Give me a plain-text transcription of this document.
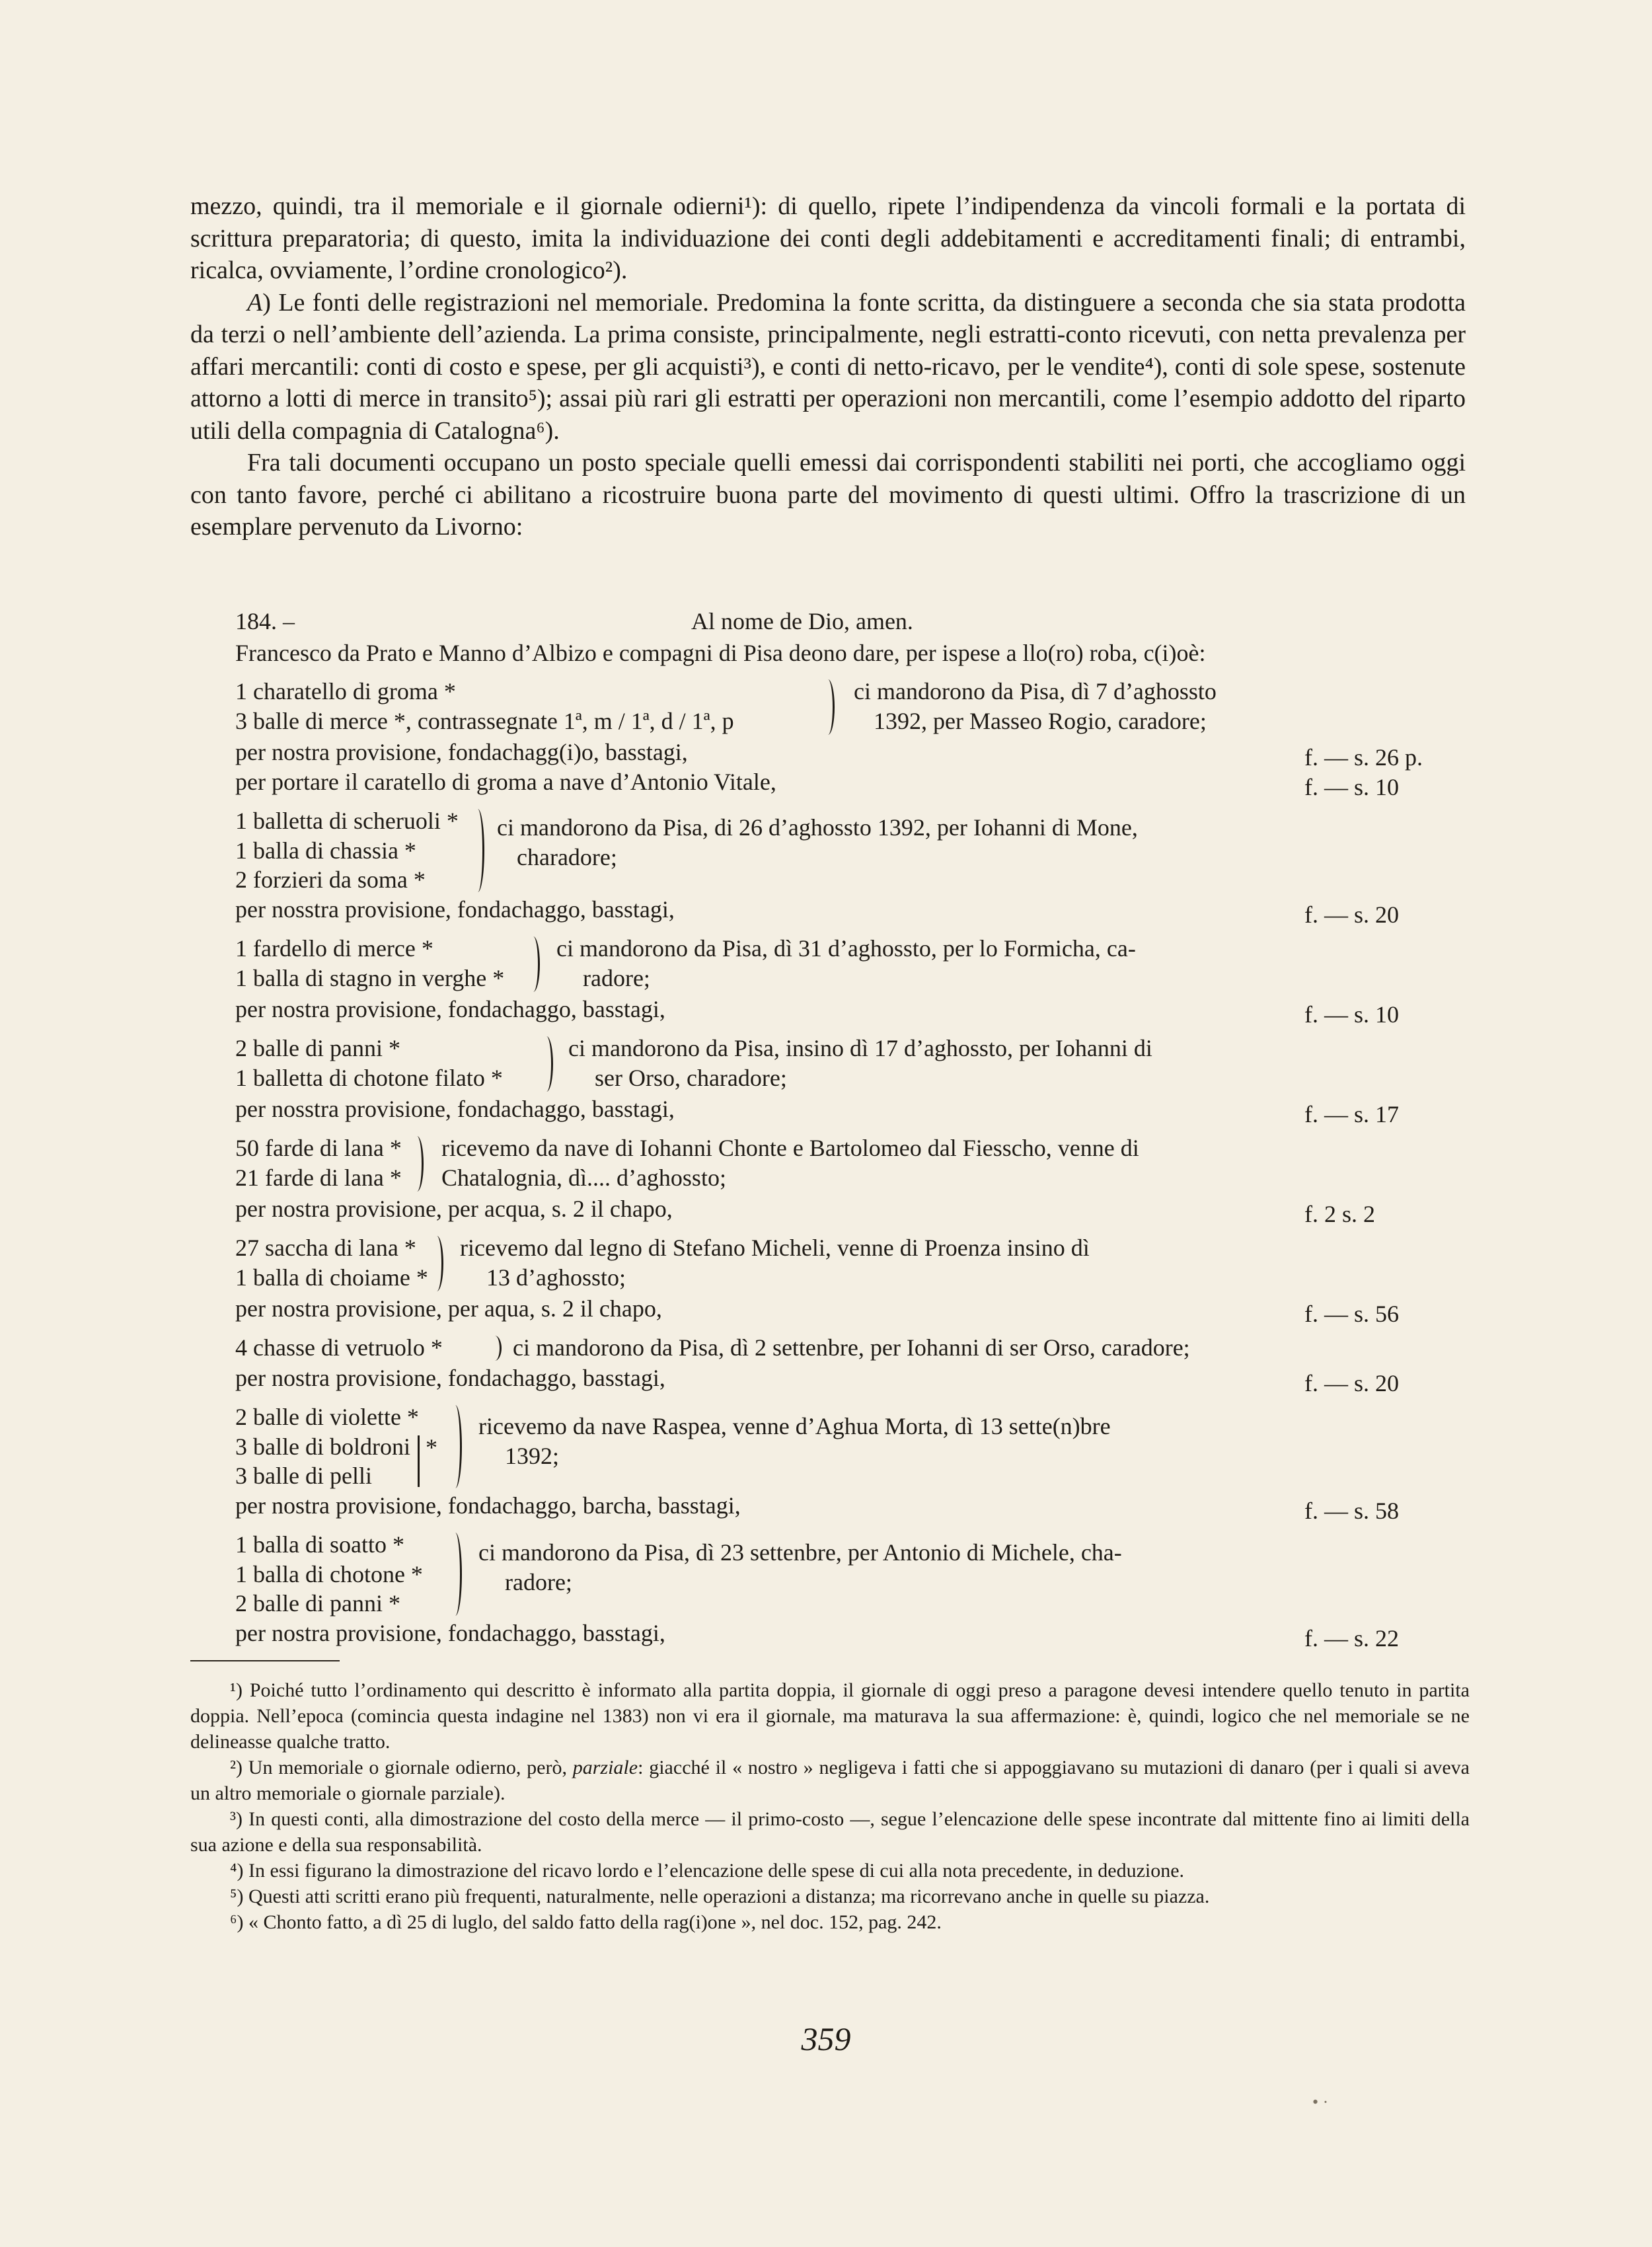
mezzo, quindi, tra il memoriale e il giornale odierni¹): di quello, ripete l’indipendenza da vincoli formali e la portata di scrittura preparatoria; di questo, imita la individuazione dei conti degli addebitamenti e accreditamenti finali; di entrambi, ricalca, ovviamente, l’ordine cronologico²).

A) Le fonti delle registrazioni nel memoriale. Predomina la fonte scritta, da distinguere a seconda che sia stata prodotta da terzi o nell’ambiente dell’azienda. La prima consiste, principalmente, negli estratti-conto ricevuti, con netta prevalenza per affari mercantili: conti di costo e spese, per gli acquisti³), e conti di netto-ricavo, per le vendite⁴), conti di sole spese, sostenute attorno a lotti di merce in transito⁵); assai più rari gli estratti per operazioni non mercantili, come l’esempio addotto del riparto utili della compagnia di Catalogna⁶).

Fra tali documenti occupano un posto speciale quelli emessi dai corrispondenti stabiliti nei porti, che accogliamo oggi con tanto favore, perché ci abilitano a ricostruire buona parte del movimento di questi ultimi. Offro la trascrizione di un esemplare pervenuto da Livorno:

184. –	Al nome de Dio, amen.
Francesco da Prato e Manno d’Albizo e compagni di Pisa deono dare, per ispese a llo(ro) roba, c(i)oè:
1 charatello di groma *
3 balle di merce *, contrassegnate 1ª, m / 1ª, d / 1ª, p
ci mandorono da Pisa, dì 7 d’aghossto
1392, per Masseo Rogio, caradore;
per nostra provisione, fondachagg(i)o, basstagi,	f. — s. 26 p.
per portare il caratello di groma a nave d’Antonio Vitale,	f. — s. 10
1 balletta di scheruoli *
1 balla di chassia *
2 forzieri da soma *
ci mandorono da Pisa, di 26 d’aghossto 1392, per Iohanni di Mone,
charadore;
per nosstra provisione, fondachaggo, basstagi,	f. — s. 20
1 fardello di merce *
1 balla di stagno in verghe *
ci mandorono da Pisa, dì 31 d’aghossto, per lo Formicha, ca-
radore;
per nostra provisione, fondachaggo, basstagi,	f. — s. 10
2 balle di panni *
1 balletta di chotone filato *
ci mandorono da Pisa, insino dì 17 d’aghossto, per Iohanni di
ser Orso, charadore;
per nosstra provisione, fondachaggo, basstagi,	f. — s. 17
50 farde di lana *
21 farde di lana *
ricevemo da nave di Iohanni Chonte e Bartolomeo dal Fiesscho, venne di
Chatalognia, dì.... d’aghossto;
per nostra provisione, per acqua, s. 2 il chapo,	f. 2 s. 2
27 saccha di lana *
1 balla di choiame *
ricevemo dal legno di Stefano Micheli, venne di Proenza insino dì
13 d’aghossto;
per nostra provisione, per aqua, s. 2 il chapo,	f. — s. 56
4 chasse di vetruolo *	ci mandorono da Pisa, dì 2 settenbre, per Iohanni di ser Orso, caradore;
per nostra provisione, fondachaggo, basstagi,	f. — s. 20
2 balle di violette *
3 balle di boldroni
3 balle di pelli
*
ricevemo da nave Raspea, venne d’Aghua Morta, dì 13 sette(n)bre
1392;
per nostra provisione, fondachaggo, barcha, basstagi,	f. — s. 58
1 balla di soatto *
1 balla di chotone *
2 balle di panni *
ci mandorono da Pisa, dì 23 settenbre, per Antonio di Michele, cha-
radore;
per nostra provisione, fondachaggo, basstagi,	f. — s. 22

¹) Poiché tutto l’ordinamento qui descritto è informato alla partita doppia, il giornale di oggi preso a paragone devesi intendere quello tenuto in partita doppia. Nell’epoca (comincia questa indagine nel 1383) non vi era il giornale, ma maturava la sua affermazione: è, quindi, logico che nel memoriale se ne delineasse qualche tratto.

²) Un memoriale o giornale odierno, però, parziale: giacché il « nostro » negligeva i fatti che si appoggiavano su mutazioni di danaro (per i quali si aveva un altro memoriale o giornale parziale).

³) In questi conti, alla dimostrazione del costo della merce — il primo-costo —, segue l’elencazione delle spese incontrate dal mittente fino ai limiti della sua azione e della sua responsabilità.

⁴) In essi figurano la dimostrazione del ricavo lordo e l’elencazione delle spese di cui alla nota precedente, in deduzione.

⁵) Questi atti scritti erano più frequenti, naturalmente, nelle operazioni a distanza; ma ricorrevano anche in quelle su piazza.

⁶) « Chonto fatto, a dì 25 di luglo, del saldo fatto della rag(i)one », nel doc. 152, pag. 242.

359
• ·
